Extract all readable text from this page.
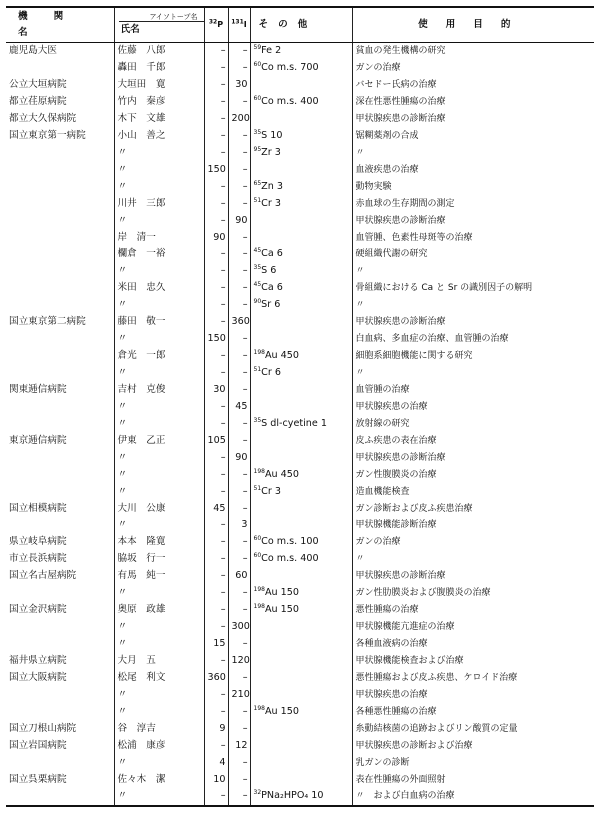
機関名	アイソトープ名
氏名	$^{32}$P	$^{131}$I	その他	使用目的
鹿児島大医	佐藤　八郎	–	–	$^{59}$Fe 2	貧血の発生機構の研究
	轟田　千郎	–	–	$^{60}$Co m.s. 700	ガンの治療
公立大垣病院	大垣田　寛	–	30		バセドー氏病の治療
都立荏原病院	竹内　秦彦	–	–	$^{60}$Co m.s. 400	深在性悪性腫瘍の治療
都立大久保病院	木下　文雄	–	200		甲状腺疾患の診断治療
国立東京第一病院	小山　善之	–	–	$^{35}$S 10	锯糊薬剤の合成
	〃	–	–	$^{95}$Zr 3	〃
	〃	150	–		血液疾患の治療
	〃	–	–	$^{65}$Zn 3	動物実験
	川井　三郎	–	–	$^{51}$Cr 3	赤血球の生存期間の測定
	〃	–	90		甲状腺疾患の診断治療
	岸　清一	90	–		血管腫、色素性母斑等の治療
	欄倉　一裕	–	–	$^{45}$Ca 6	硬組織代謝の研究
	〃	–	–	$^{35}$S 6	〃
	米田　忠久	–	–	$^{45}$Ca 6	骨組織における Ca と Sr の識別因子の解明
	〃	–	–	$^{90}$Sr 6	〃
国立東京第二病院	藤田　敬一	–	360		甲状腺疾患の診断治療
	〃	150	–		白血病、多血症の治療、血管腫の治療
	倉光　一郎	–	–	$^{198}$Au 450	細胞系細胞機能に関する研究
	〃	–	–	$^{51}$Cr 6	〃
関東逓信病院	吉村　克俊	30	–		血管腫の治療
	〃	–	45		甲状腺疾患の治療
	〃	–	–	$^{35}$S dl-cyetine 1	放射線の研究
東京逓信病院	伊東　乙正	105	–		皮ふ疾患の表在治療
	〃	–	90		甲状腺疾患の診断治療
	〃	–	–	$^{198}$Au 450	ガン性腹膜炎の治療
	〃	–	–	$^{51}$Cr 3	造血機能検査
国立相模病院	大川　公康	45	–		ガン診断および皮ふ疾患治療
	〃	–	3		甲状腺機能診断治療
県立岐阜病院	本本　隆寛	–	–	$^{60}$Co m.s. 100	ガンの治療
市立長浜病院	脇坂　行一	–	–	$^{60}$Co m.s. 400	〃
国立名古屋病院	有馬　純一	–	60		甲状腺疾患の診断治療
	〃	–	–	$^{198}$Au 150	ガン性肋膜炎および腹膜炎の治療
国立金沢病院	奥原　政雄	–	–	$^{198}$Au 150	悪性腫瘍の治療
	〃	–	300		甲状腺機能亢進症の治療
	〃	15	–		各種血液病の治療
福井県立病院	大月　五	–	120		甲状腺機能検査および治療
国立大阪病院	松尾　利文	360	–		悪性腫瘍および皮ふ疾患、ケロイド治療
	〃	–	210		甲状腺疾患の治療
	〃	–	–	$^{198}$Au 150	各種悪性腫瘍の治療
国立刀根山病院	谷　淳吉	9	–		糸動結核菌の追跡およびリン酸質の定量
国立岩国病院	松浦　康彦	–	12		甲状腺疾患の診断および治療
	〃	4	–		乳ガンの診断
国立呉栗病院	佐々木　潔	10	–		表在性腫瘍の外面照射
	〃	–	–	$^{32}$PNa₂HPO₄ 10	〃　および白血病の治療
